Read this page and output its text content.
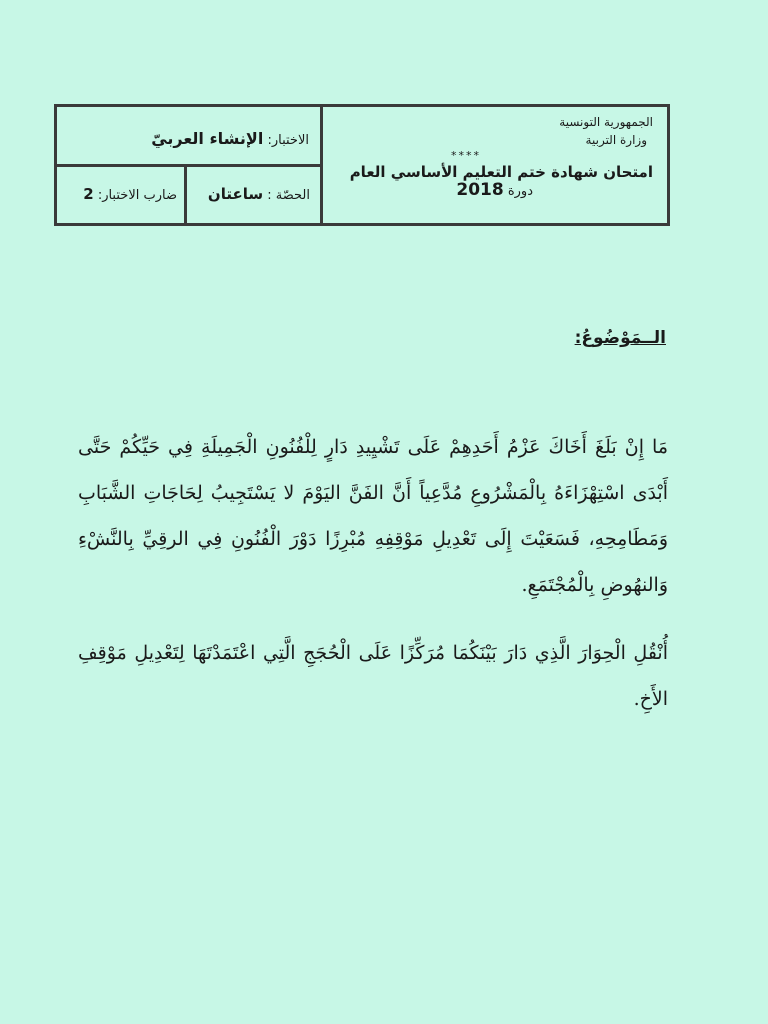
الجمهورية التونسية
وزارة التربية
****
امتحان شهادة ختم التعليم الأساسي العام
دورة 2018
الاختبار: الإنشاء العربيّ
الحصّة : ساعتان
ضارب الاختبار: 2
الــمَوْضُوعُ:
مَا إِنْ بَلَغَ أَخَاكَ عَزْمُ أَحَدِهِمْ عَلَى تَشْيِيدِ دَارٍ لِلْفُنُونِ الْجَمِيلَةِ فِي حَيِّكُمْ حَتَّى أَبْدَى اسْتِهْزَاءَهُ بِالْمَشْرُوعِ مُدَّعِياً أَنَّ الفَنَّ اليَوْمَ لا يَسْتَجِيبُ لِحَاجَاتِ الشَّبَابِ وَمَطَامِحِهِ، فَسَعَيْتَ إِلَى تَعْدِيلِ مَوْقِفِهِ مُبْرِزًا دَوْرَ الْفُنُونِ فِي الرقِيِّ بِالنَّشْءِ وَالنهُوضِ بِالْمُجْتَمَعِ.
أُنْقُلِ الْحِوَارَ الَّذِي دَارَ بَيْنَكُمَا مُرَكِّزًا عَلَى الْحُجَجِ الَّتِي اعْتَمَدْتَهَا لِتَعْدِيلِ مَوْقِفِ الأَخِ.
